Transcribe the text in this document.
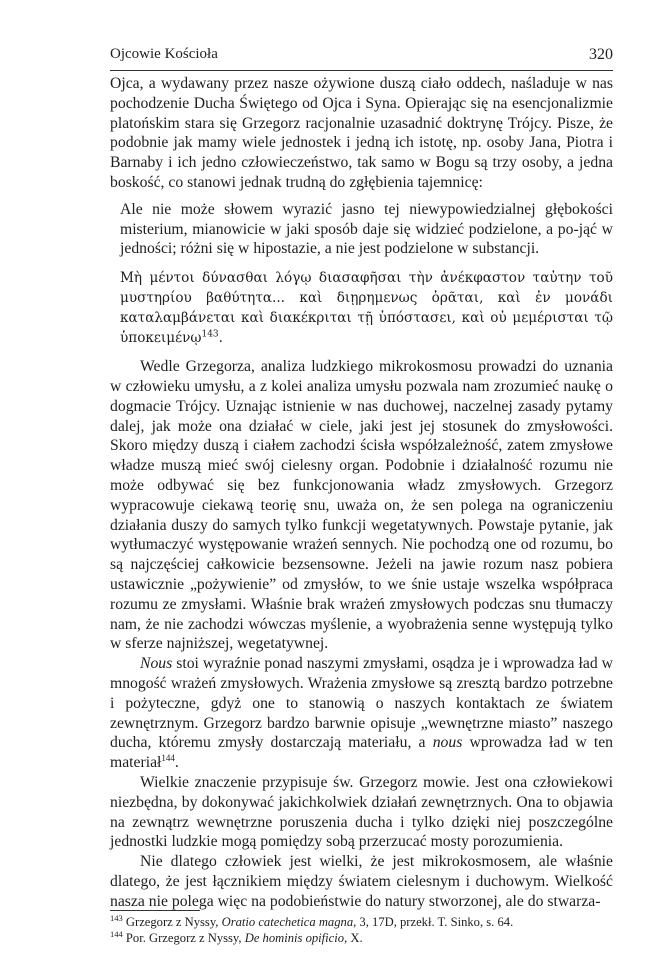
Ojcowie Kościoła	320

Ojca, a wydawany przez nasze ożywione duszą ciało oddech, naśladuje w nas pochodzenie Ducha Świętego od Ojca i Syna. Opierając się na esencjonalizmie platońskim stara się Grzegorz racjonalnie uzasadnić doktrynę Trójcy. Pisze, że podobnie jak mamy wiele jednostek i jedną ich istotę, np. osoby Jana, Piotra i Barnaby i ich jedno człowieczeństwo, tak samo w Bogu są trzy osoby, a jedna boskość, co stanowi jednak trudną do zgłębienia tajemnicę:

Ale nie może słowem wyrazić jasno tej niewypowiedzialnej głębokości misterium, mianowicie w jaki sposób daje się widzieć podzielone, a po-jąć w jedności; różni się w hipostazie, a nie jest podzielone w substancji.

Μὴ μέντοι δύνασθαι λόγῳ διασαφῆσαι τὴν ἀνέκφαστον ταὐτην τοῦ μυστηρίου βαθύτητα... καὶ διῃρημενως ὁρᾶται, καὶ ἐν μονάδι καταλαμβάνεται καὶ διακέκριται τῇ ὑπόστασει, καὶ οὐ μεμέρισται τῷ ὑποκειμένῳ$^{143}$.

Wedle Grzegorza, analiza ludzkiego mikrokosmosu prowadzi do uznania w człowieku umysłu, a z kolei analiza umysłu pozwala nam zrozumieć naukę o dogmacie Trójcy. Uznając istnienie w nas duchowej, naczelnej zasady pytamy dalej, jak może ona działać w ciele, jaki jest jej stosunek do zmysłowości. Skoro między duszą i ciałem zachodzi ścisła współzależność, zatem zmysłowe władze muszą mieć swój cielesny organ. Podobnie i działalność rozumu nie może odbywać się bez funkcjonowania władz zmysłowych. Grzegorz wypracowuje ciekawą teorię snu, uważa on, że sen polega na ograniczeniu działania duszy do samych tylko funkcji wegetatywnych. Powstaje pytanie, jak wytłumaczyć występowanie wrażeń sennych. Nie pochodzą one od rozumu, bo są najczęściej całkowicie bezsensowne. Jeżeli na jawie rozum nasz pobiera ustawicznie „pożywienie” od zmysłów, to we śnie ustaje wszelka współpraca rozumu ze zmysłami. Właśnie brak wrażeń zmysłowych podczas snu tłumaczy nam, że nie zachodzi wówczas myślenie, a wyobrażenia senne występują tylko w sferze najniższej, wegetatywnej.

Nous stoi wyraźnie ponad naszymi zmysłami, osądza je i wprowadza ład w mnogość wrażeń zmysłowych. Wrażenia zmysłowe są zresztą bardzo potrzebne i pożyteczne, gdyż one to stanowią o naszych kontaktach ze światem zewnętrznym. Grzegorz bardzo barwnie opisuje „wewnętrzne miasto” naszego ducha, któremu zmysły dostarczają materiału, a nous wprowadza ład w ten materiał$^{144}$.

Wielkie znaczenie przypisuje św. Grzegorz mowie. Jest ona człowiekowi niezbędna, by dokonywać jakichkolwiek działań zewnętrznych. Ona to objawia na zewnątrz wewnętrzne poruszenia ducha i tylko dzięki niej poszczególne jednostki ludzkie mogą pomiędzy sobą przerzucać mosty porozumienia.

Nie dlatego człowiek jest wielki, że jest mikrokosmosem, ale właśnie dlatego, że jest łącznikiem między światem cielesnym i duchowym. Wielkość nasza nie polega więc na podobieństwie do natury stworzonej, ale do stwarza-

$^{143}$ Grzegorz z Nyssy, Oratio catechetica magna, 3, 17D, przekł. T. Sinko, s. 64.

$^{144}$ Por. Grzegorz z Nyssy, De hominis opificio, X.
